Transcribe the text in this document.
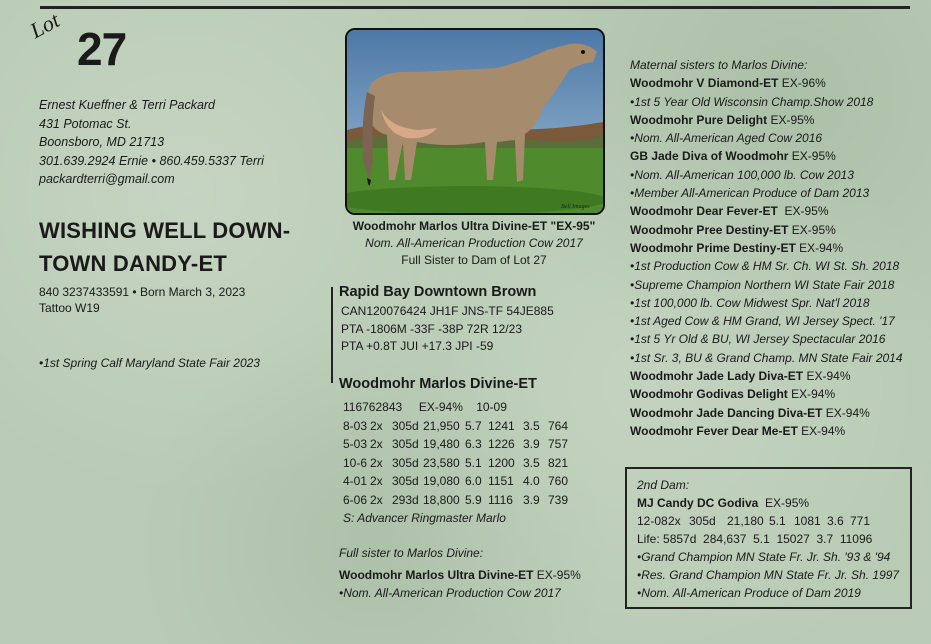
Lot 27
Ernest Kueffner & Terri Packard
431 Potomac St.
Boonsboro, MD 21713
301.639.2924 Ernie • 860.459.5337 Terri
packardterri@gmail.com
WISHING WELL DOWN-
TOWN DANDY-ET
840 3237433591 • Born March 3, 2023
Tattoo W19
•1st Spring Calf Maryland State Fair 2023
Bell Images
Woodmohr Marlos Ultra Divine-ET "EX-95"
Nom. All-American Production Cow 2017
Full Sister to Dam of Lot 27
Rapid Bay Downtown Brown
CAN120076424 JH1F JNS-TF 54JE885
PTA -1806M -33F -38P 72R 12/23
PTA +0.8T JUI +17.3 JPI -59
Woodmohr Marlos Divine-ET
116762843     EX-94%    10-09
8-03 2x 305d 21,950 5.7 1241 3.5 764
5-03 2x 305d 19,480 6.3 1226 3.9 757
10-6 2x 305d 23,580 5.1 1200 3.5 821
4-01 2x 305d 19,080 6.0 1151 4.0 760
6-06 2x 293d 18,800 5.9 1116 3.9 739
S: Advancer Ringmaster Marlo
Full sister to Marlos Divine:
Woodmohr Marlos Ultra Divine-ET EX-95%
•Nom. All-American Production Cow 2017
Maternal sisters to Marlos Divine:
Woodmohr V Diamond-ET EX-96%
•1st 5 Year Old Wisconsin Champ.Show 2018
Woodmohr Pure Delight EX-95%
•Nom. All-American Aged Cow 2016
GB Jade Diva of Woodmohr EX-95%
•Nom. All-American 100,000 lb. Cow 2013
•Member All-American Produce of Dam 2013
Woodmohr Dear Fever-ET  EX-95%
Woodmohr Pree Destiny-ET EX-95%
Woodmohr Prime Destiny-ET EX-94%
•1st Production Cow & HM Sr. Ch. WI St. Sh. 2018
•Supreme Champion Northern WI State Fair 2018
•1st 100,000 lb. Cow Midwest Spr. Nat'l 2018
•1st Aged Cow & HM Grand, WI Jersey Spect. '17
•1st 5 Yr Old & BU, WI Jersey Spectacular 2016
•1st Sr. 3, BU & Grand Champ. MN State Fair 2014
Woodmohr Jade Lady Diva-ET EX-94%
Woodmohr Godivas Delight EX-94%
Woodmohr Jade Dancing Diva-ET EX-94%
Woodmohr Fever Dear Me-ET EX-94%
2nd Dam:
MJ Candy DC Godiva  EX-95%
12-082x 305d 21,180 5.1 1081 3.6 771
Life: 5857d  284,637  5.1  15027  3.7  11096
•Grand Champion MN State Fr. Jr. Sh. '93 & '94
•Res. Grand Champion MN State Fr. Jr. Sh. 1997
•Nom. All-American Produce of Dam 2019
